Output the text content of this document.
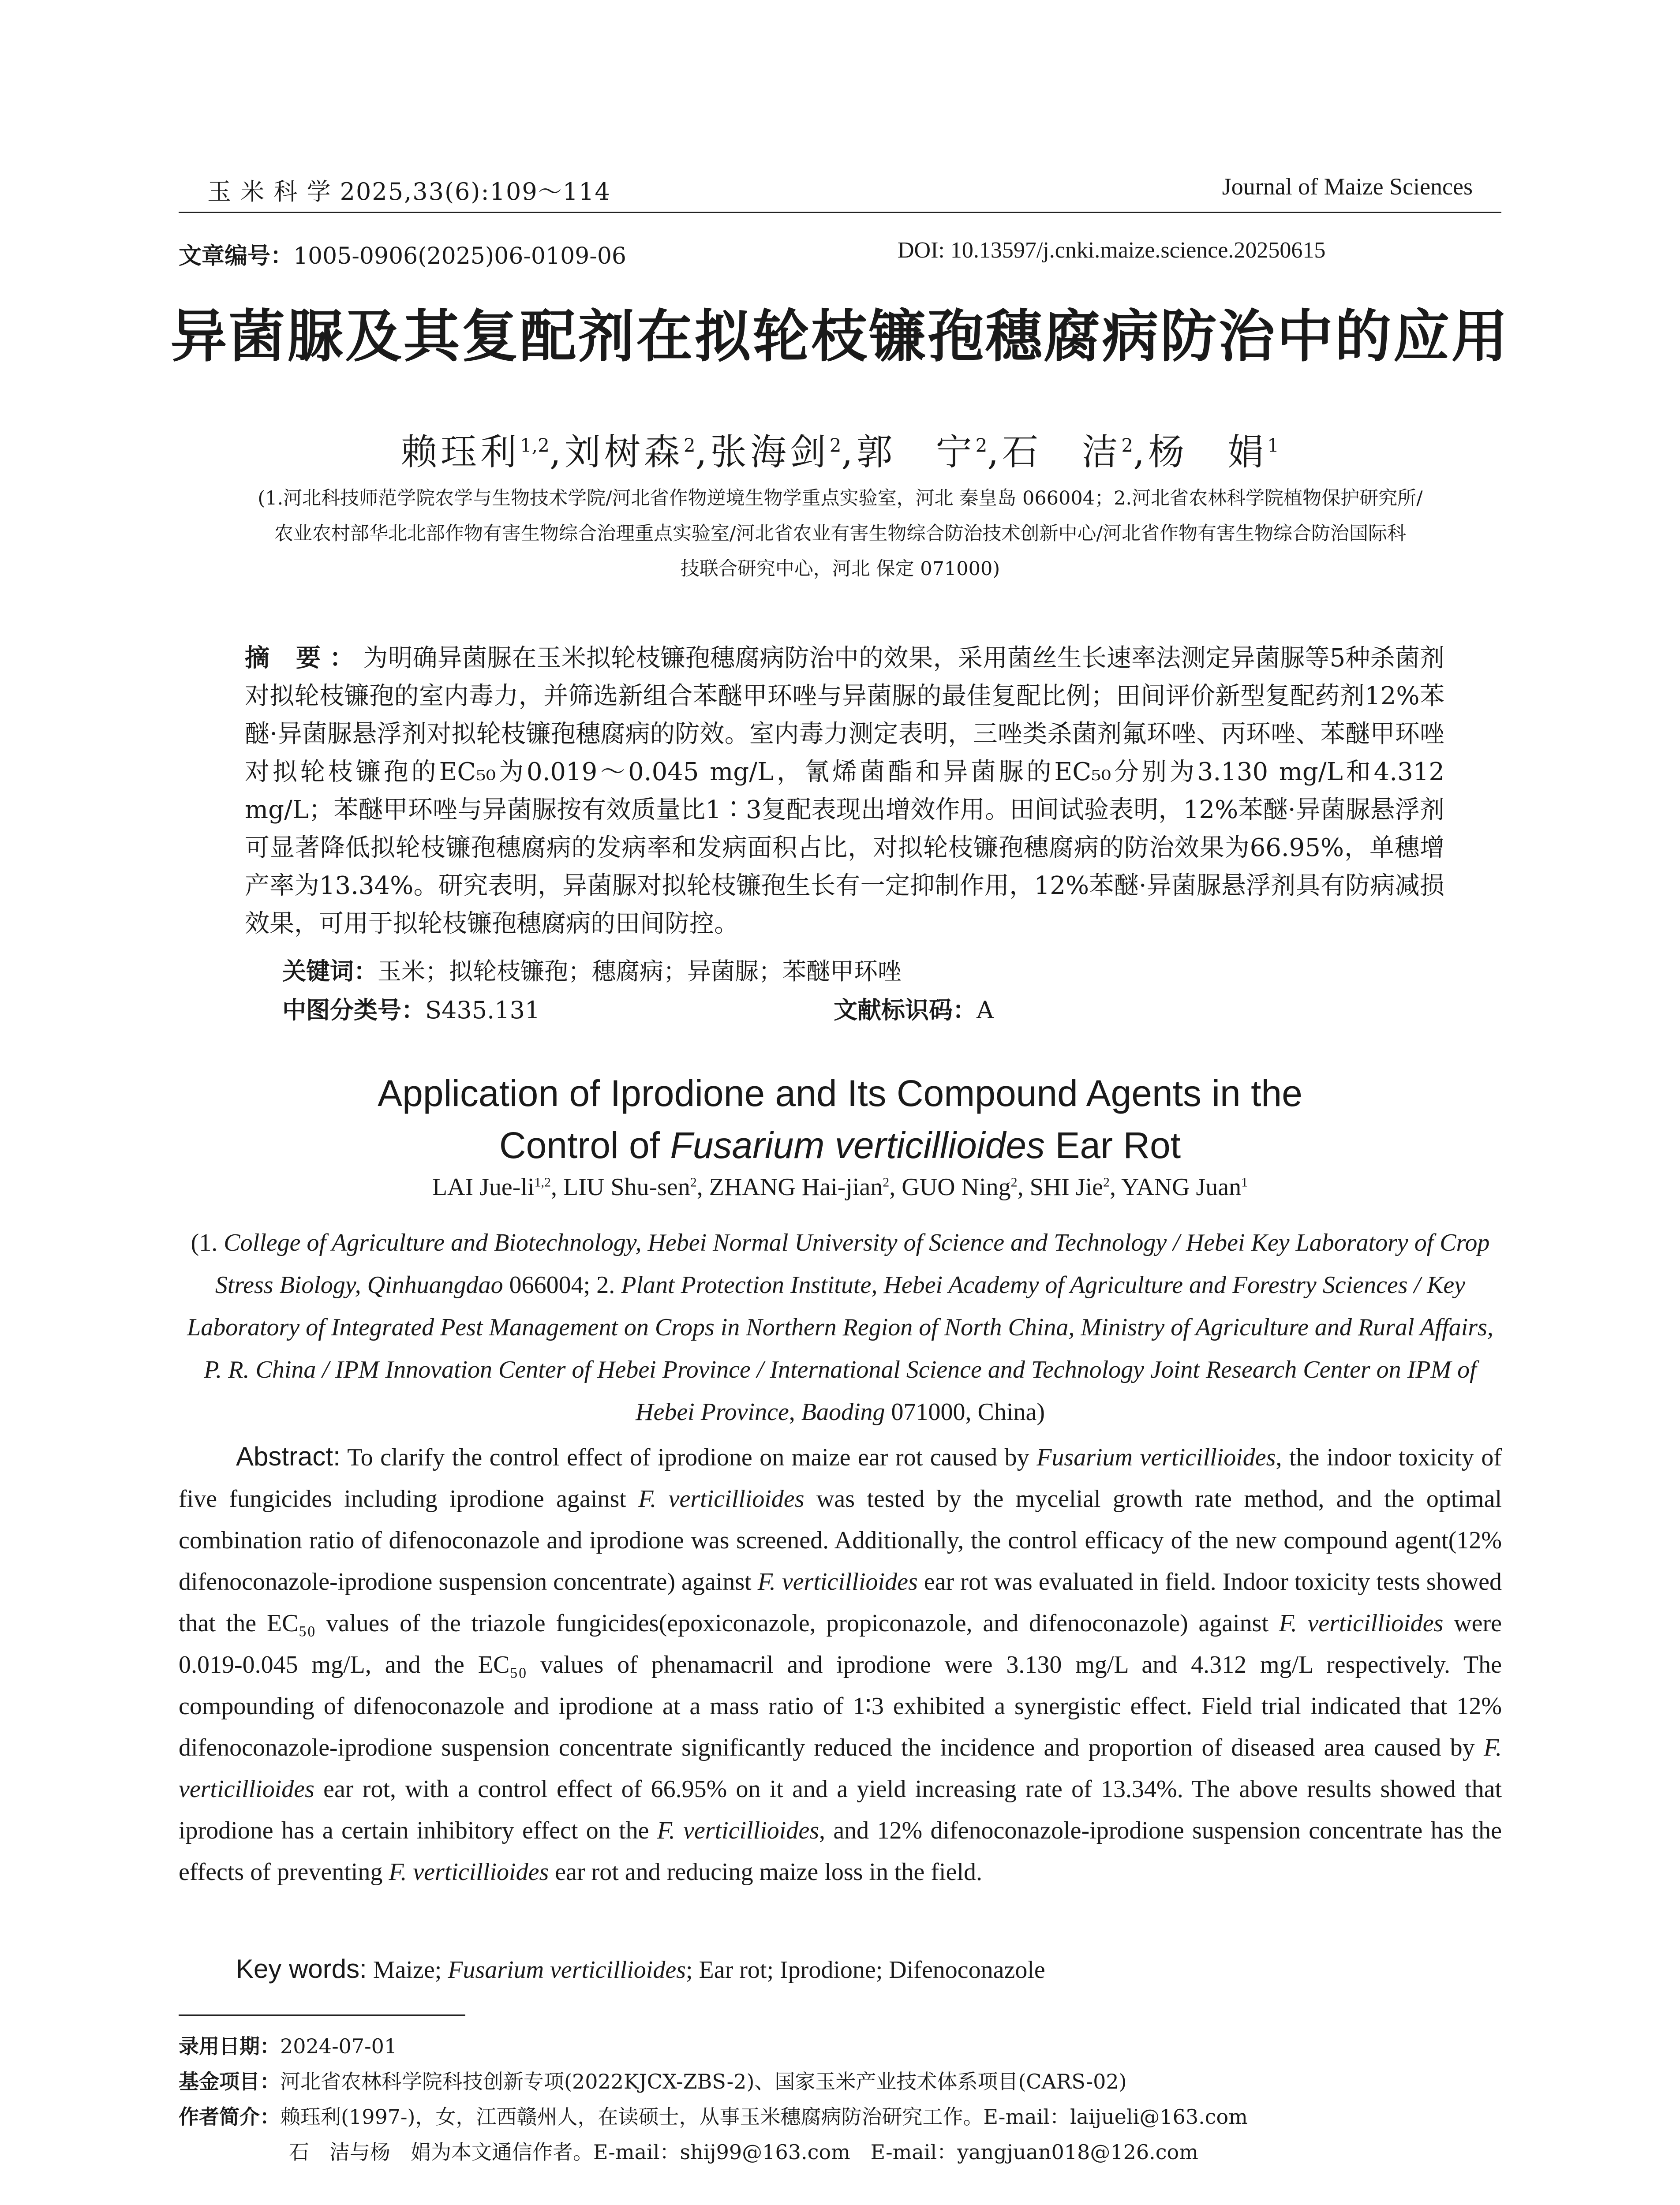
玉 米 科 学 2025,33(6):109～114	Journal of Maize Sciences
文章编号：1005-0906(2025)06-0109-06	DOI: 10.13597/j.cnki.maize.science.20250615
异菌脲及其复配剂在拟轮枝镰孢穗腐病防治中的应用
赖珏利$^{1,2}$,刘树森$^2$,张海剑$^2$,郭　宁$^2$,石　洁$^2$,杨　娟$^1$
(1.河北科技师范学院农学与生物技术学院/河北省作物逆境生物学重点实验室，河北 秦皇岛 066004；2.河北省农林科学院植物保护研究所/
农业农村部华北北部作物有害生物综合治理重点实验室/河北省农业有害生物综合防治技术创新中心/河北省作物有害生物综合防治国际科
技联合研究中心，河北 保定 071000)
摘 要：为明确异菌脲在玉米拟轮枝镰孢穗腐病防治中的效果，采用菌丝生长速率法测定异菌脲等5种杀菌剂对拟轮枝镰孢的室内毒力，并筛选新组合苯醚甲环唑与异菌脲的最佳复配比例；田间评价新型复配药剂12%苯醚·异菌脲悬浮剂对拟轮枝镰孢穗腐病的防效。室内毒力测定表明，三唑类杀菌剂氟环唑、丙环唑、苯醚甲环唑对拟轮枝镰孢的EC₅₀为0.019～0.045 mg/L，氰烯菌酯和异菌脲的EC₅₀分别为3.130 mg/L和4.312 mg/L；苯醚甲环唑与异菌脲按有效质量比1∶3复配表现出增效作用。田间试验表明，12%苯醚·异菌脲悬浮剂可显著降低拟轮枝镰孢穗腐病的发病率和发病面积占比，对拟轮枝镰孢穗腐病的防治效果为66.95%，单穗增产率为13.34%。研究表明，异菌脲对拟轮枝镰孢生长有一定抑制作用，12%苯醚·异菌脲悬浮剂具有防病减损效果，可用于拟轮枝镰孢穗腐病的田间防控。
关键词：玉米；拟轮枝镰孢；穗腐病；异菌脲；苯醚甲环唑
中图分类号：S435.131	文献标识码：A
Application of Iprodione and Its Compound Agents in the
Control of Fusarium verticillioides Ear Rot
LAI Jue-li$^{1,2}$, LIU Shu-sen$^2$, ZHANG Hai-jian$^2$, GUO Ning$^2$, SHI Jie$^2$, YANG Juan$^1$
(1. College of Agriculture and Biotechnology, Hebei Normal University of Science and Technology / Hebei Key Laboratory of Crop Stress Biology, Qinhuangdao 066004; 2. Plant Protection Institute, Hebei Academy of Agriculture and Forestry Sciences / Key Laboratory of Integrated Pest Management on Crops in Northern Region of North China, Ministry of Agriculture and Rural Affairs, P. R. China / IPM Innovation Center of Hebei Province / International Science and Technology Joint Research Center on IPM of Hebei Province, Baoding 071000, China)
Abstract: To clarify the control effect of iprodione on maize ear rot caused by Fusarium verticillioides, the indoor toxicity of five fungicides including iprodione against F. verticillioides was tested by the mycelial growth rate method, and the optimal combination ratio of difenoconazole and iprodione was screened. Additionally, the control efficacy of the new compound agent(12% difenoconazole-iprodione suspension concentrate) against F. verticillioides ear rot was evaluated in field. Indoor toxicity tests showed that the EC₅₀ values of the triazole fungicides(epoxiconazole, propiconazole, and difenoconazole) against F. verticillioides were 0.019-0.045 mg/L, and the EC₅₀ values of phenamacril and iprodione were 3.130 mg/L and 4.312 mg/L respectively. The compounding of difenoconazole and iprodione at a mass ratio of 1∶3 exhibited a synergistic effect. Field trial indicated that 12% difenoconazole-iprodione suspension concentrate significantly reduced the incidence and proportion of diseased area caused by F. verticillioides ear rot, with a control effect of 66.95% on it and a yield increasing rate of 13.34%. The above results showed that iprodione has a certain inhibitory effect on the F. verticillioides, and 12% difenoconazole-iprodione suspension concentrate has the effects of preventing F. verticillioides ear rot and reducing maize loss in the field.
Key words: Maize; Fusarium verticillioides; Ear rot; Iprodione; Difenoconazole
录用日期：2024-07-01
基金项目：河北省农林科学院科技创新专项(2022KJCX-ZBS-2)、国家玉米产业技术体系项目(CARS-02)
作者简介：赖珏利(1997-)，女，江西赣州人，在读硕士，从事玉米穗腐病防治研究工作。E-mail：laijueli@163.com
石　洁与杨　娟为本文通信作者。E-mail：shij99@163.com　E-mail：yangjuan018@126.com
